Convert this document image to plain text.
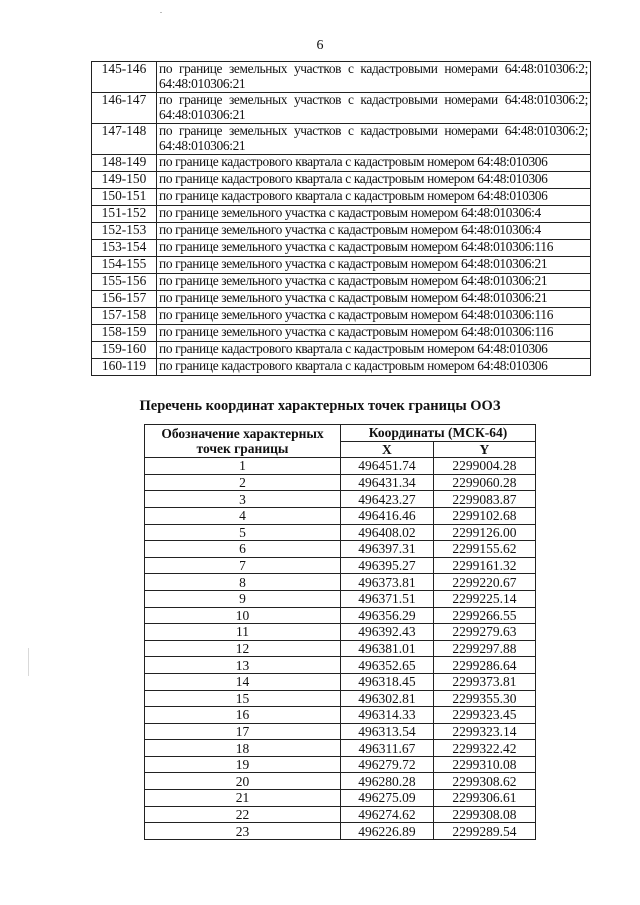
6
145-146	по границе земельных участков с кадастровыми номерами 64:48:010306:2; 64:48:010306:21
146-147	по границе земельных участков с кадастровыми номерами 64:48:010306:2; 64:48:010306:21
147-148	по границе земельных участков с кадастровыми номерами 64:48:010306:2; 64:48:010306:21
148-149	по границе кадастрового квартала с кадастровым номером 64:48:010306
149-150	по границе кадастрового квартала с кадастровым номером 64:48:010306
150-151	по границе кадастрового квартала с кадастровым номером 64:48:010306
151-152	по границе земельного участка с кадастровым номером 64:48:010306:4
152-153	по границе земельного участка с кадастровым номером 64:48:010306:4
153-154	по границе земельного участка с кадастровым номером 64:48:010306:116
154-155	по границе земельного участка с кадастровым номером 64:48:010306:21
155-156	по границе земельного участка с кадастровым номером 64:48:010306:21
156-157	по границе земельного участка с кадастровым номером 64:48:010306:21
157-158	по границе земельного участка с кадастровым номером 64:48:010306:116
158-159	по границе земельного участка с кадастровым номером 64:48:010306:116
159-160	по границе кадастрового квартала с кадастровым номером 64:48:010306
160-119	по границе кадастрового квартала с кадастровым номером 64:48:010306
Перечень координат характерных точек границы ООЗ
Обозначение характерных точек границы	Координаты (МСК-64)	
	X	Y
1	496451.74	2299004.28
2	496431.34	2299060.28
3	496423.27	2299083.87
4	496416.46	2299102.68
5	496408.02	2299126.00
6	496397.31	2299155.62
7	496395.27	2299161.32
8	496373.81	2299220.67
9	496371.51	2299225.14
10	496356.29	2299266.55
11	496392.43	2299279.63
12	496381.01	2299297.88
13	496352.65	2299286.64
14	496318.45	2299373.81
15	496302.81	2299355.30
16	496314.33	2299323.45
17	496313.54	2299323.14
18	496311.67	2299322.42
19	496279.72	2299310.08
20	496280.28	2299308.62
21	496275.09	2299306.61
22	496274.62	2299308.08
23	496226.89	2299289.54
